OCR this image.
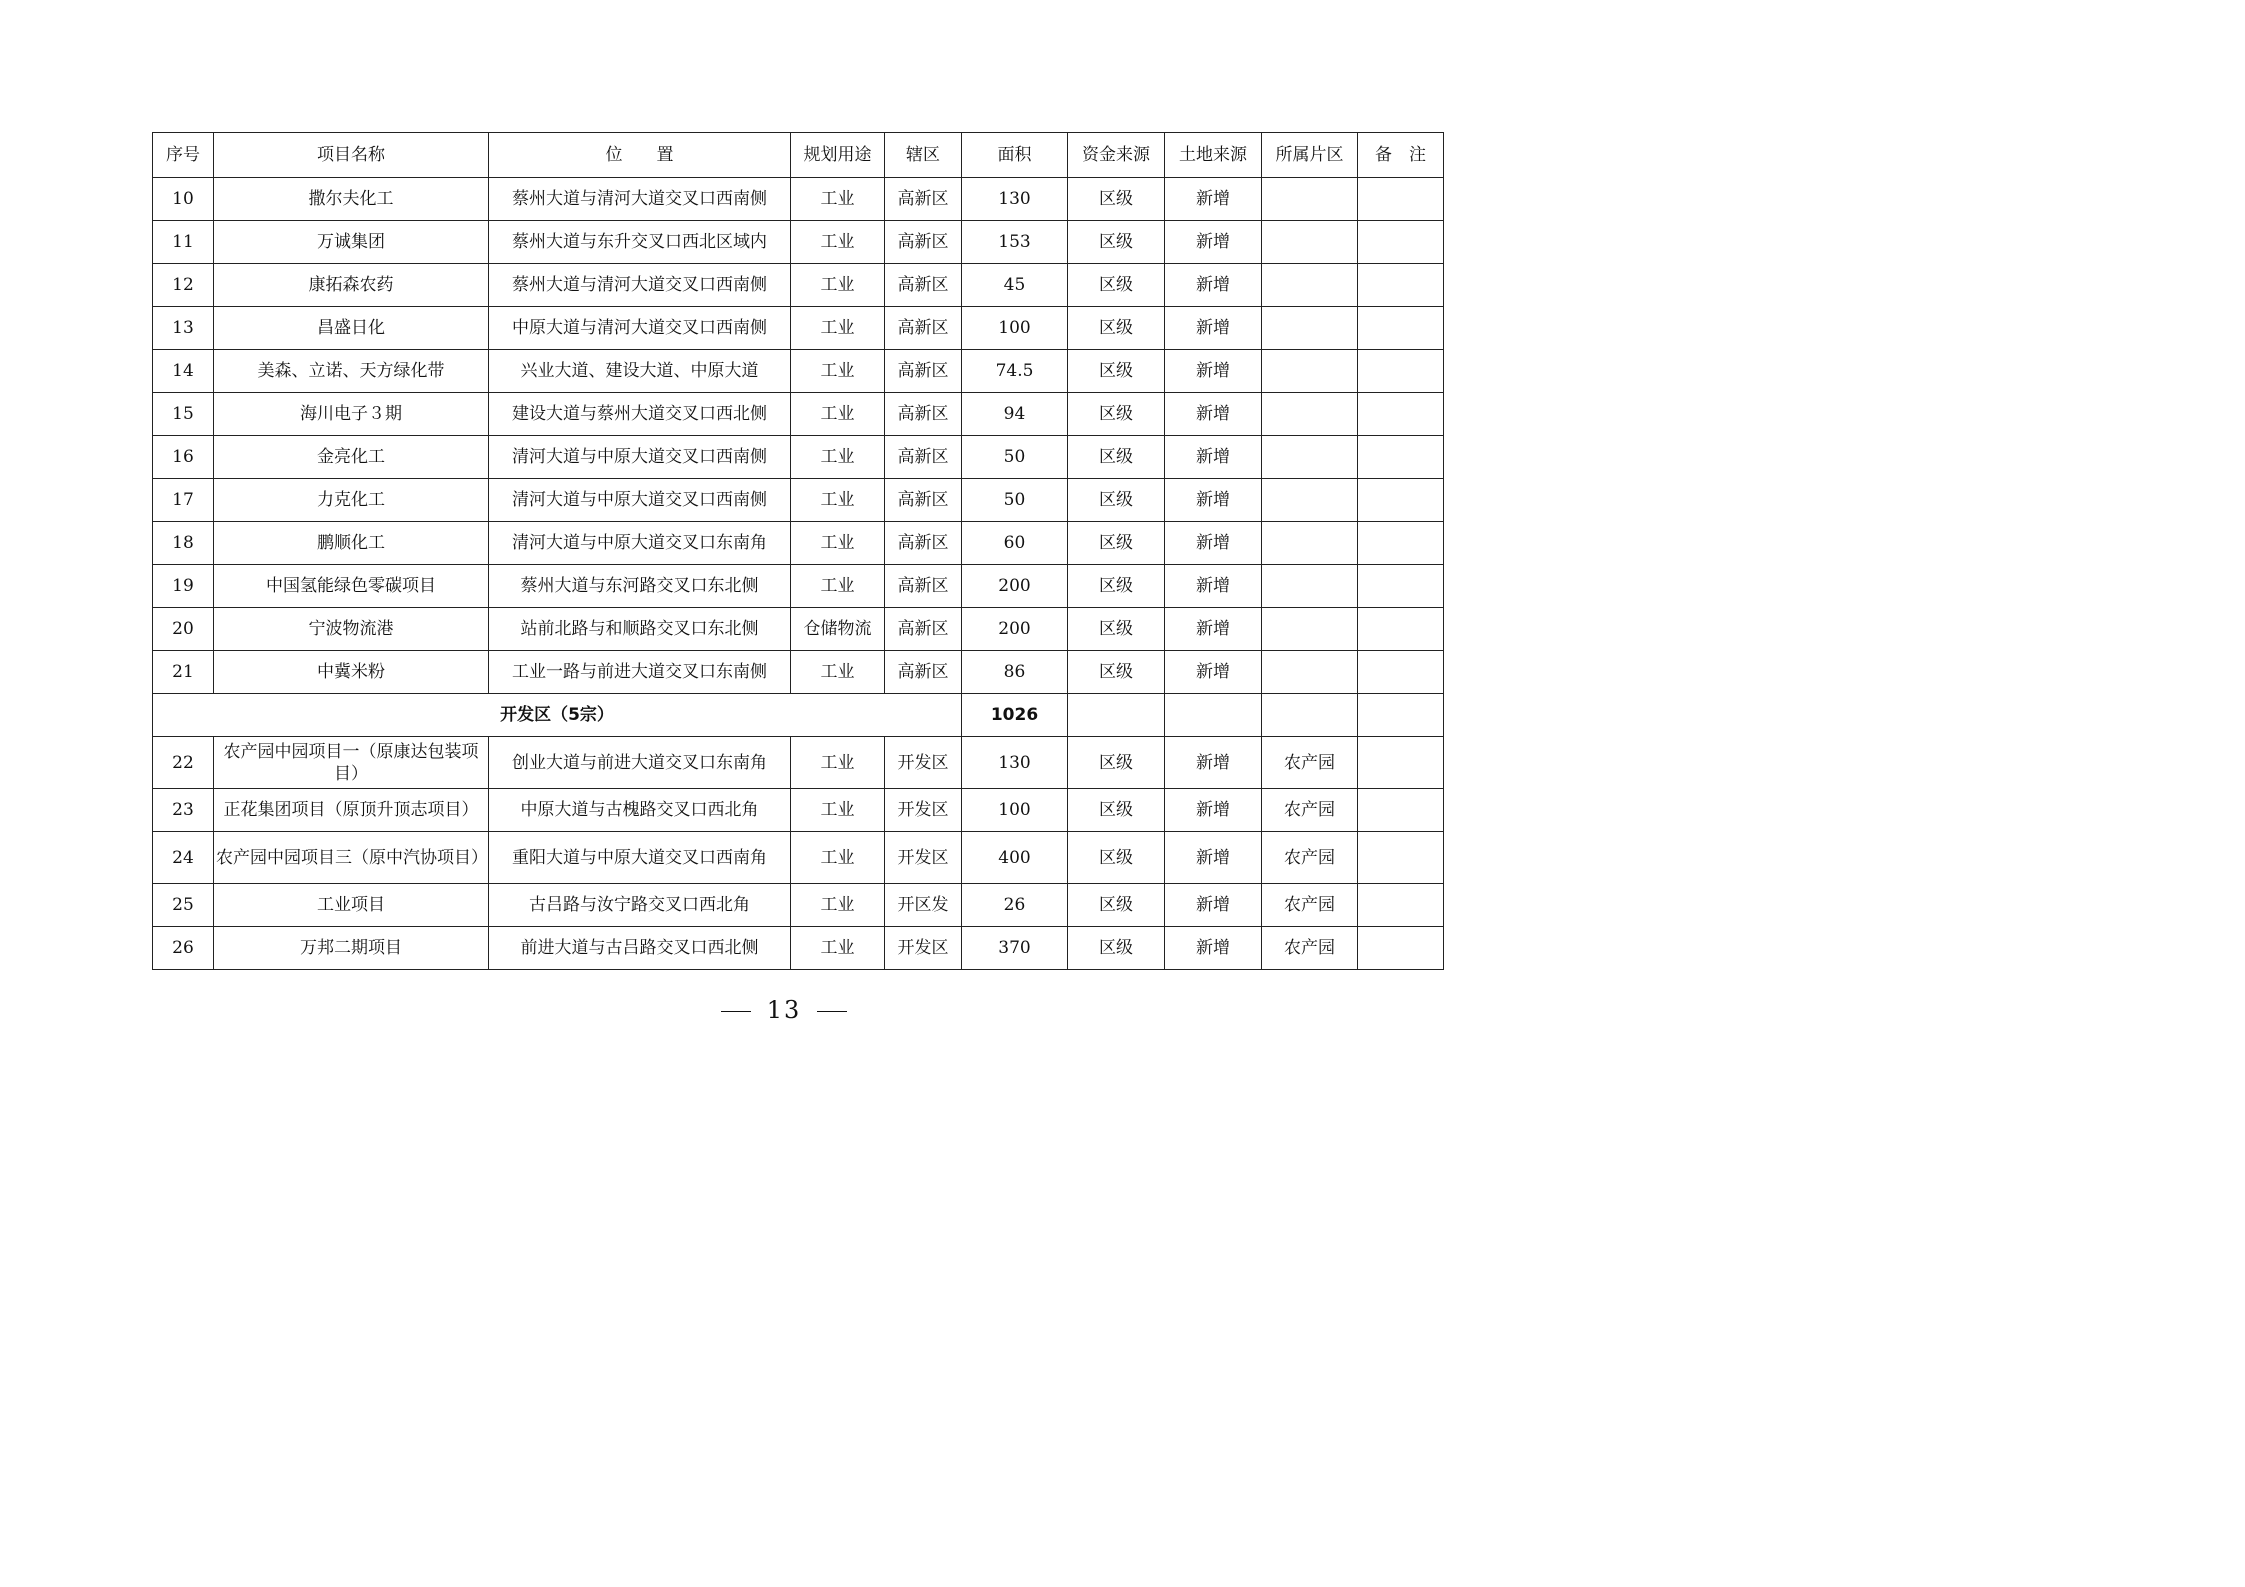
序号	项目名称	位　　置	规划用途	辖区	面积	资金来源	土地来源	所属片区	备　注
10	撒尔夫化工	蔡州大道与清河大道交叉口西南侧	工业	高新区	130	区级	新增		
11	万诚集团	蔡州大道与东升交叉口西北区域内	工业	高新区	153	区级	新增		
12	康拓森农药	蔡州大道与清河大道交叉口西南侧	工业	高新区	45	区级	新增		
13	昌盛日化	中原大道与清河大道交叉口西南侧	工业	高新区	100	区级	新增		
14	美森、立诺、天方绿化带	兴业大道、建设大道、中原大道	工业	高新区	74.5	区级	新增		
15	海川电子３期	建设大道与蔡州大道交叉口西北侧	工业	高新区	94	区级	新增		
16	金亮化工	清河大道与中原大道交叉口西南侧	工业	高新区	50	区级	新增		
17	力克化工	清河大道与中原大道交叉口西南侧	工业	高新区	50	区级	新增		
18	鹏顺化工	清河大道与中原大道交叉口东南角	工业	高新区	60	区级	新增		
19	中国氢能绿色零碳项目	蔡州大道与东河路交叉口东北侧	工业	高新区	200	区级	新增		
20	宁波物流港	站前北路与和顺路交叉口东北侧	仓储物流	高新区	200	区级	新增		
21	中冀米粉	工业一路与前进大道交叉口东南侧	工业	高新区	86	区级	新增		
开发区（5宗）					1026				
22	农产园中园项目一（原康达包装项目）	创业大道与前进大道交叉口东南角	工业	开发区	130	区级	新增	农产园	
23	正花集团项目（原顶升顶志项目）	中原大道与古槐路交叉口西北角	工业	开发区	100	区级	新增	农产园	
24	农产园中园项目三（原中汽协项目）	重阳大道与中原大道交叉口西南角	工业	开发区	400	区级	新增	农产园	
25	工业项目	古吕路与汝宁路交叉口西北角	工业	开区发	26	区级	新增	农产园	
26	万邦二期项目	前进大道与古吕路交叉口西北侧	工业	开发区	370	区级	新增	农产园	
13
